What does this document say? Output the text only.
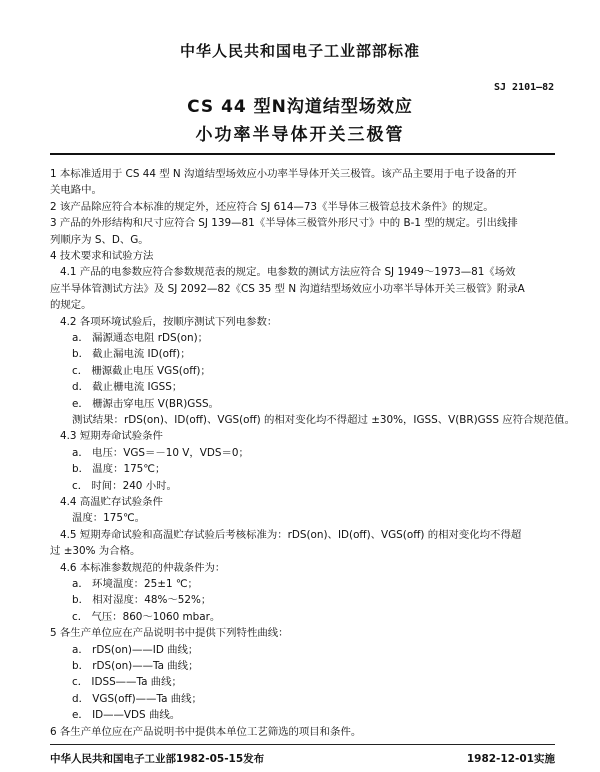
中华人民共和国电子工业部部标准
CS 44 型N沟道结型场效应
小功率半导体开关三极管
SJ 2101—82
1 本标准适用于 CS 44 型 N 沟道结型场效应小功率半导体开关三极管。该产品主要用于电子设备的开
关电路中。
2 该产品除应符合本标准的规定外，还应符合 SJ 614—73《半导体三极管总技术条件》的规定。
3 产品的外形结构和尺寸应符合 SJ 139—81《半导体三极管外形尺寸》中的 B-1 型的规定。引出线排
列顺序为 S、D、G。
4 技术要求和试验方法
4.1 产品的电参数应符合参数规范表的规定。电参数的测试方法应符合 SJ 1949～1973—81《场效
应半导体管测试方法》及 SJ 2092—82《CS 35 型 N 沟道结型场效应小功率半导体开关三极管》附录A
的规定。
4.2 各项环境试验后，按顺序测试下列电参数：
a． 漏源通态电阻 rDS(on)；
b． 截止漏电流 ID(off)；
c． 栅源截止电压 VGS(off)；
d． 截止栅电流 IGSS；
e． 栅源击穿电压 V(BR)GSS。
测试结果：rDS(on)、ID(off)、VGS(off) 的相对变化均不得超过 ±30%，IGSS、V(BR)GSS 应符合规范值。
4.3 短期寿命试验条件
a． 电压：VGS＝－10 V，VDS＝0；
b． 温度：175℃；
c． 时间：240 小时。
4.4 高温贮存试验条件
温度：175℃。
4.5 短期寿命试验和高温贮存试验后考核标准为：rDS(on)、ID(off)、VGS(off) 的相对变化均不得超
过 ±30% 为合格。
4.6 本标准参数规范的仲裁条件为：
a． 环境温度：25±1 ℃；
b． 相对湿度：48%～52%；
c． 气压：860～1060 mbar。
5 各生产单位应在产品说明书中提供下列特性曲线：
a． rDS(on)——ID 曲线；
b． rDS(on)——Ta 曲线；
c． IDSS——Ta 曲线；
d． VGS(off)——Ta 曲线；
e． ID——VDS 曲线。
6 各生产单位应在产品说明书中提供本单位工艺筛选的项目和条件。
中华人民共和国电子工业部1982-05-15发布	1982-12-01实施
